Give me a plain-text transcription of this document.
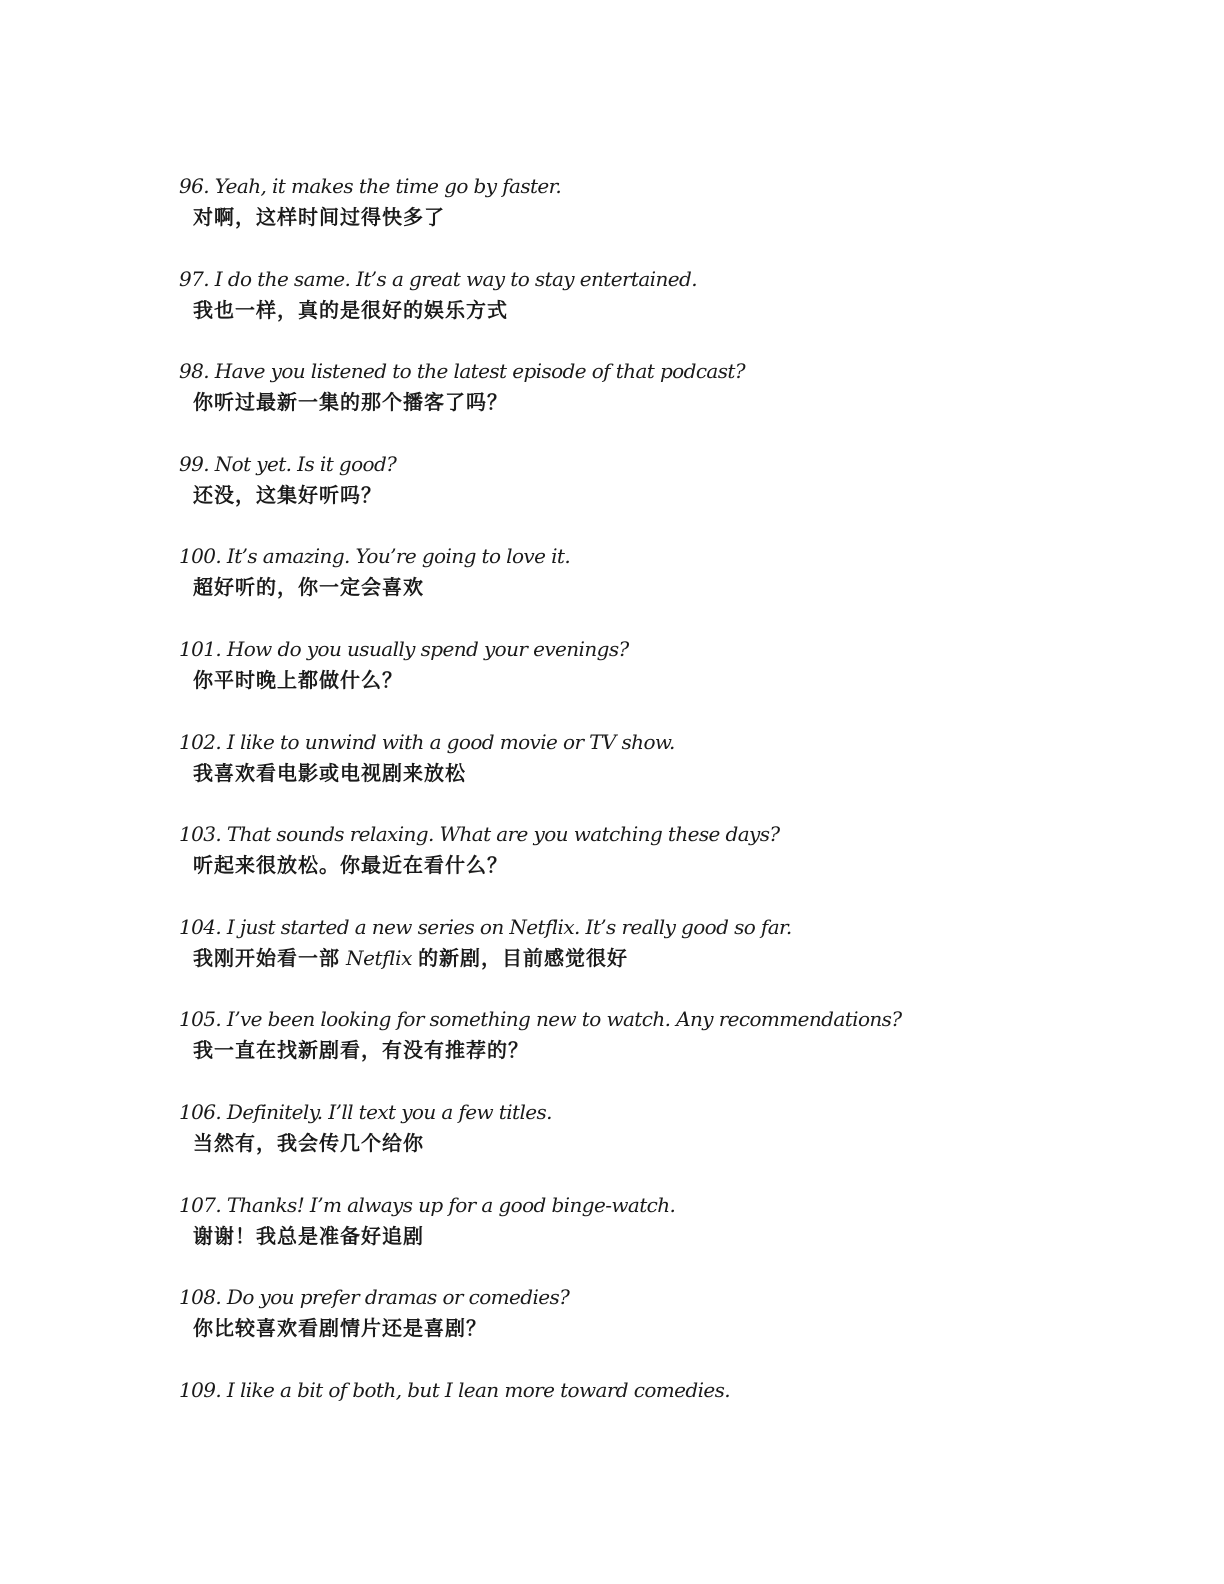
96. Yeah, it makes the time go by faster.
对啊，这样时间过得快多了
97. I do the same. It’s a great way to stay entertained.
我也一样，真的是很好的娱乐方式
98. Have you listened to the latest episode of that podcast?
你听过最新一集的那个播客了吗？
99. Not yet. Is it good?
还没，这集好听吗？
100. It’s amazing. You’re going to love it.
超好听的，你一定会喜欢
101. How do you usually spend your evenings?
你平时晚上都做什么？
102. I like to unwind with a good movie or TV show.
我喜欢看电影或电视剧来放松
103. That sounds relaxing. What are you watching these days?
听起来很放松。你最近在看什么？
104. I just started a new series on Netflix. It’s really good so far.
我刚开始看一部 Netflix 的新剧，目前感觉很好
105. I’ve been looking for something new to watch. Any recommendations?
我一直在找新剧看，有没有推荐的？
106. Definitely. I’ll text you a few titles.
当然有，我会传几个给你
107. Thanks! I’m always up for a good binge-watch.
谢谢！我总是准备好追剧
108. Do you prefer dramas or comedies?
你比较喜欢看剧情片还是喜剧？
109. I like a bit of both, but I lean more toward comedies.
